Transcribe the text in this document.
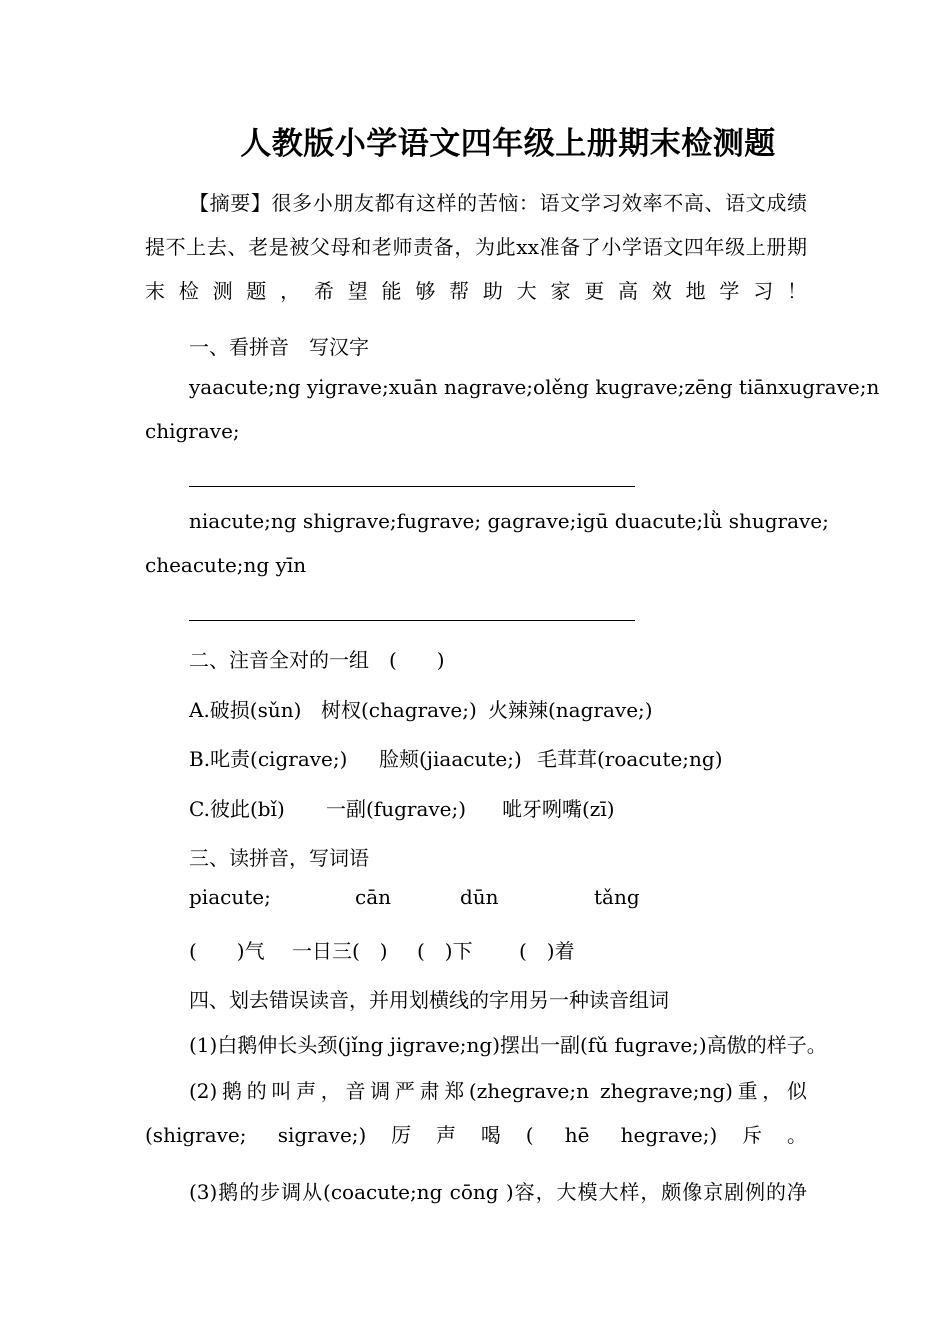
人教版小学语文四年级上册期末检测题
【摘要】很多小朋友都有这样的苦恼：语文学习效率不高、语文成绩提不上去、老是被父母和老师责备，为此xx准备了小学语文四年级上册期末检测题，希望能够帮助大家更高效地学习！
一、看拼音　写汉字
yaacute;ng yigrave;xuān nagrave;olěng kugrave;zēng tiānxugrave;n
chigrave;
niacute;ng shigrave;fugrave; gagrave;igū duacute;lǜ shugrave;
cheacute;ng yīn
二、注音全对的一组　(　　)
A.破损(sǔn) 树杈(chagrave;) 火辣辣(nagrave;)
B.叱责(cigrave;) 脸颊(jiaacute;) 毛茸茸(roacute;ng)
C.彼此(bǐ) 一副(fugrave;) 呲牙咧嘴(zī)
三、读拼音，写词语
piacute;	cān	dūn	tǎng
(　　)气 一日三(　) (　)下 (　)着
四、划去错误读音，并用划横线的字用另一种读音组词
(1)白鹅伸长头颈(jǐng jigrave;ng)摆出一副(fǔ fugrave;)高傲的样子。
(2)鹅的叫声，音调严肃郑(zhegrave;n zhegrave;ng)重，似(shigrave; sigrave;)厉声喝( hē hegrave;)斥。
(3)鹅的步调从(coacute;ng cōng )容，大模大样，颇像京剧例的净
